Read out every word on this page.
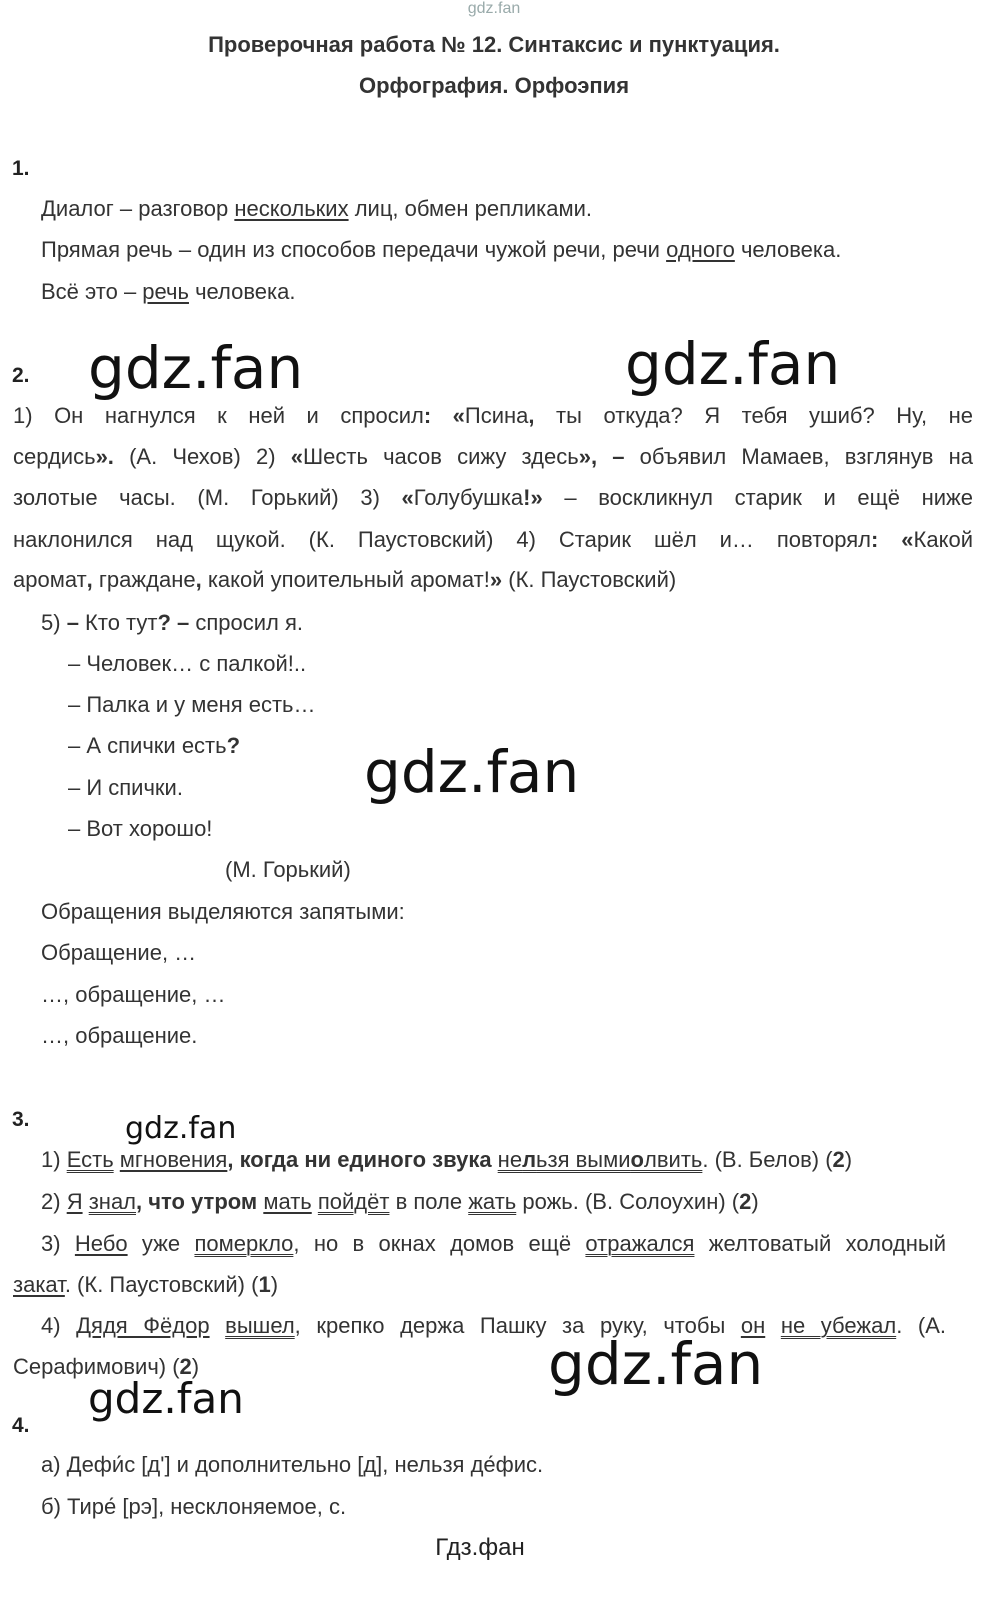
gdz.fan
Проверочная работа № 12. Синтаксис и пунктуация.
Орфография. Орфоэпия
1.
Диалог – разговор нескольких лиц, обмен репликами.
Прямая речь – один из способов передачи чужой речи, речи одного человека.
Всё это – речь человека.
2.
1) Он нагнулся к ней и спросил: «Псина, ты откуда? Я тебя ушиб? Ну, не
сердись». (А. Чехов) 2) «Шесть часов сижу здесь», – объявил Мамаев, взглянув на
золотые часы. (М. Горький) 3) «Голубушка!» – воскликнул старик и ещё ниже
наклонился над щукой. (К. Паустовский) 4) Старик шёл и… повторял: «Какой
аромат, граждане, какой упоительный аромат!» (К. Паустовский)
5) – Кто тут? – спросил я.
– Человек… с палкой!..
– Палка и у меня есть…
– А спички есть?
– И спички.
– Вот хорошо!
(М. Горький)
Обращения выделяются запятыми:
Обращение, …
…, обращение, …
…, обращение.
3.
1) Есть мгновения, когда ни единого звука нельзя вымиолвить. (В. Белов) (2)
2) Я знал, что утром мать пойдёт в поле жать рожь. (В. Солоухин) (2)
3) Небо уже померкло, но в окнах домов ещё отражался желтоватый холодный
закат. (К. Паустовский) (1)
4) Дядя Фёдор вышел, крепко держа Пашку за руку, чтобы он не убежал. (А.
Серафимович) (2)
4.
а) Дефи́с [д'] и дополнительно [д], нельзя де́фис.
б) Тире́ [рэ], несклоняемое, с.
gdz.fan	gdz.fan
gdz.fan
gdz.fan
gdz.fan
gdz.fan
Гдз.фан
